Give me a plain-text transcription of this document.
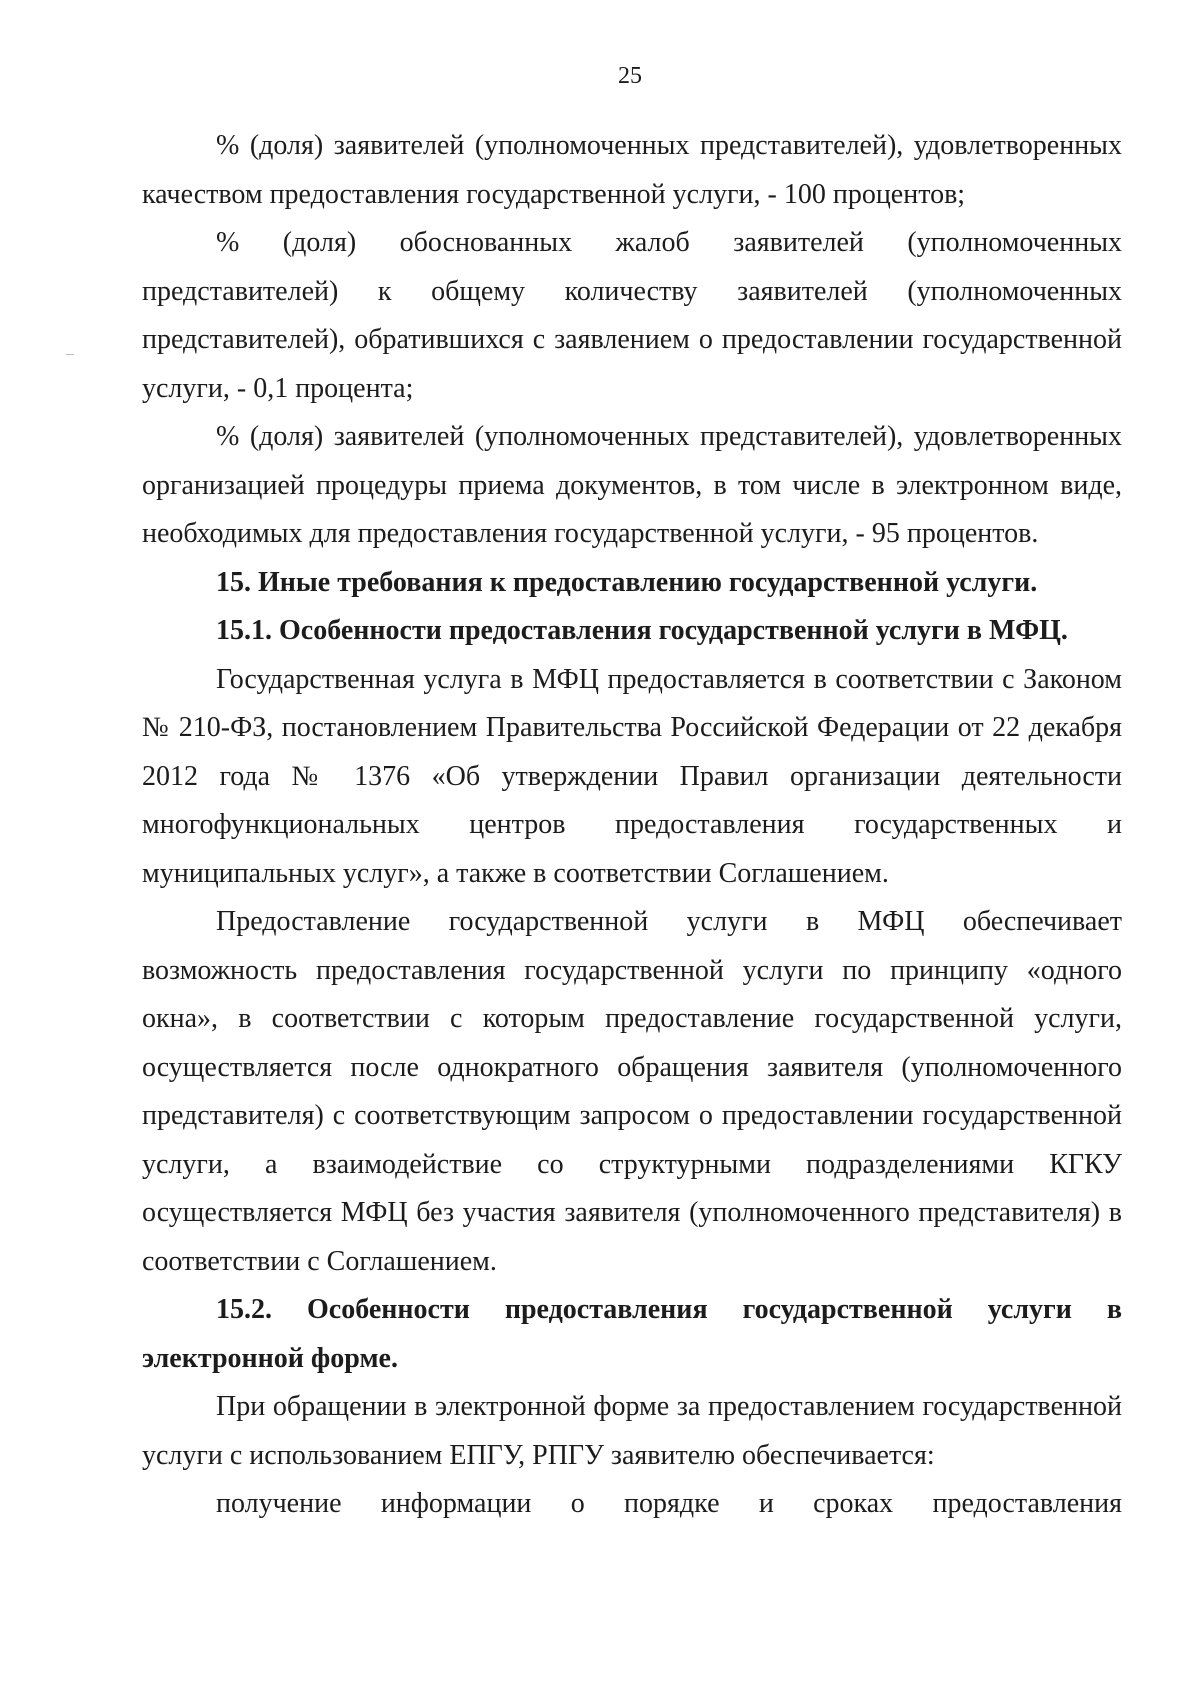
25

% (доля) заявителей (уполномоченных представителей), удовлетворенных качеством предоставления государственной услуги, - 100 процентов;

% (доля) обоснованных жалоб заявителей (уполномоченных представителей) к общему количеству заявителей (уполномоченных представителей), обратившихся с заявлением о предоставлении государственной услуги, - 0,1 процента;

% (доля) заявителей (уполномоченных представителей), удовлетворенных организацией процедуры приема документов, в том числе в электронном виде, необходимых для предоставления государственной услуги, - 95 процентов.

15. Иные требования к предоставлению государственной услуги.

15.1. Особенности предоставления государственной услуги в МФЦ.

Государственная услуга в МФЦ предоставляется в соответствии с Законом № 210-ФЗ, постановлением Правительства Российской Федерации от 22 декабря 2012 года № 1376 «Об утверждении Правил организации деятельности многофункциональных центров предоставления государственных и муниципальных услуг», а также в соответствии Соглашением.

Предоставление государственной услуги в МФЦ обеспечивает возможность предоставления государственной услуги по принципу «одного окна», в соответствии с которым предоставление государственной услуги, осуществляется после однократного обращения заявителя (уполномоченного представителя) с соответствующим запросом о предоставлении государственной услуги, а взаимодействие со структурными подразделениями КГКУ осуществляется МФЦ без участия заявителя (уполномоченного представителя) в соответствии с Соглашением.

15.2. Особенности предоставления государственной услуги в электронной форме.

При обращении в электронной форме за предоставлением государственной услуги с использованием ЕПГУ, РПГУ заявителю обеспечивается:

получение информации о порядке и сроках предоставления
